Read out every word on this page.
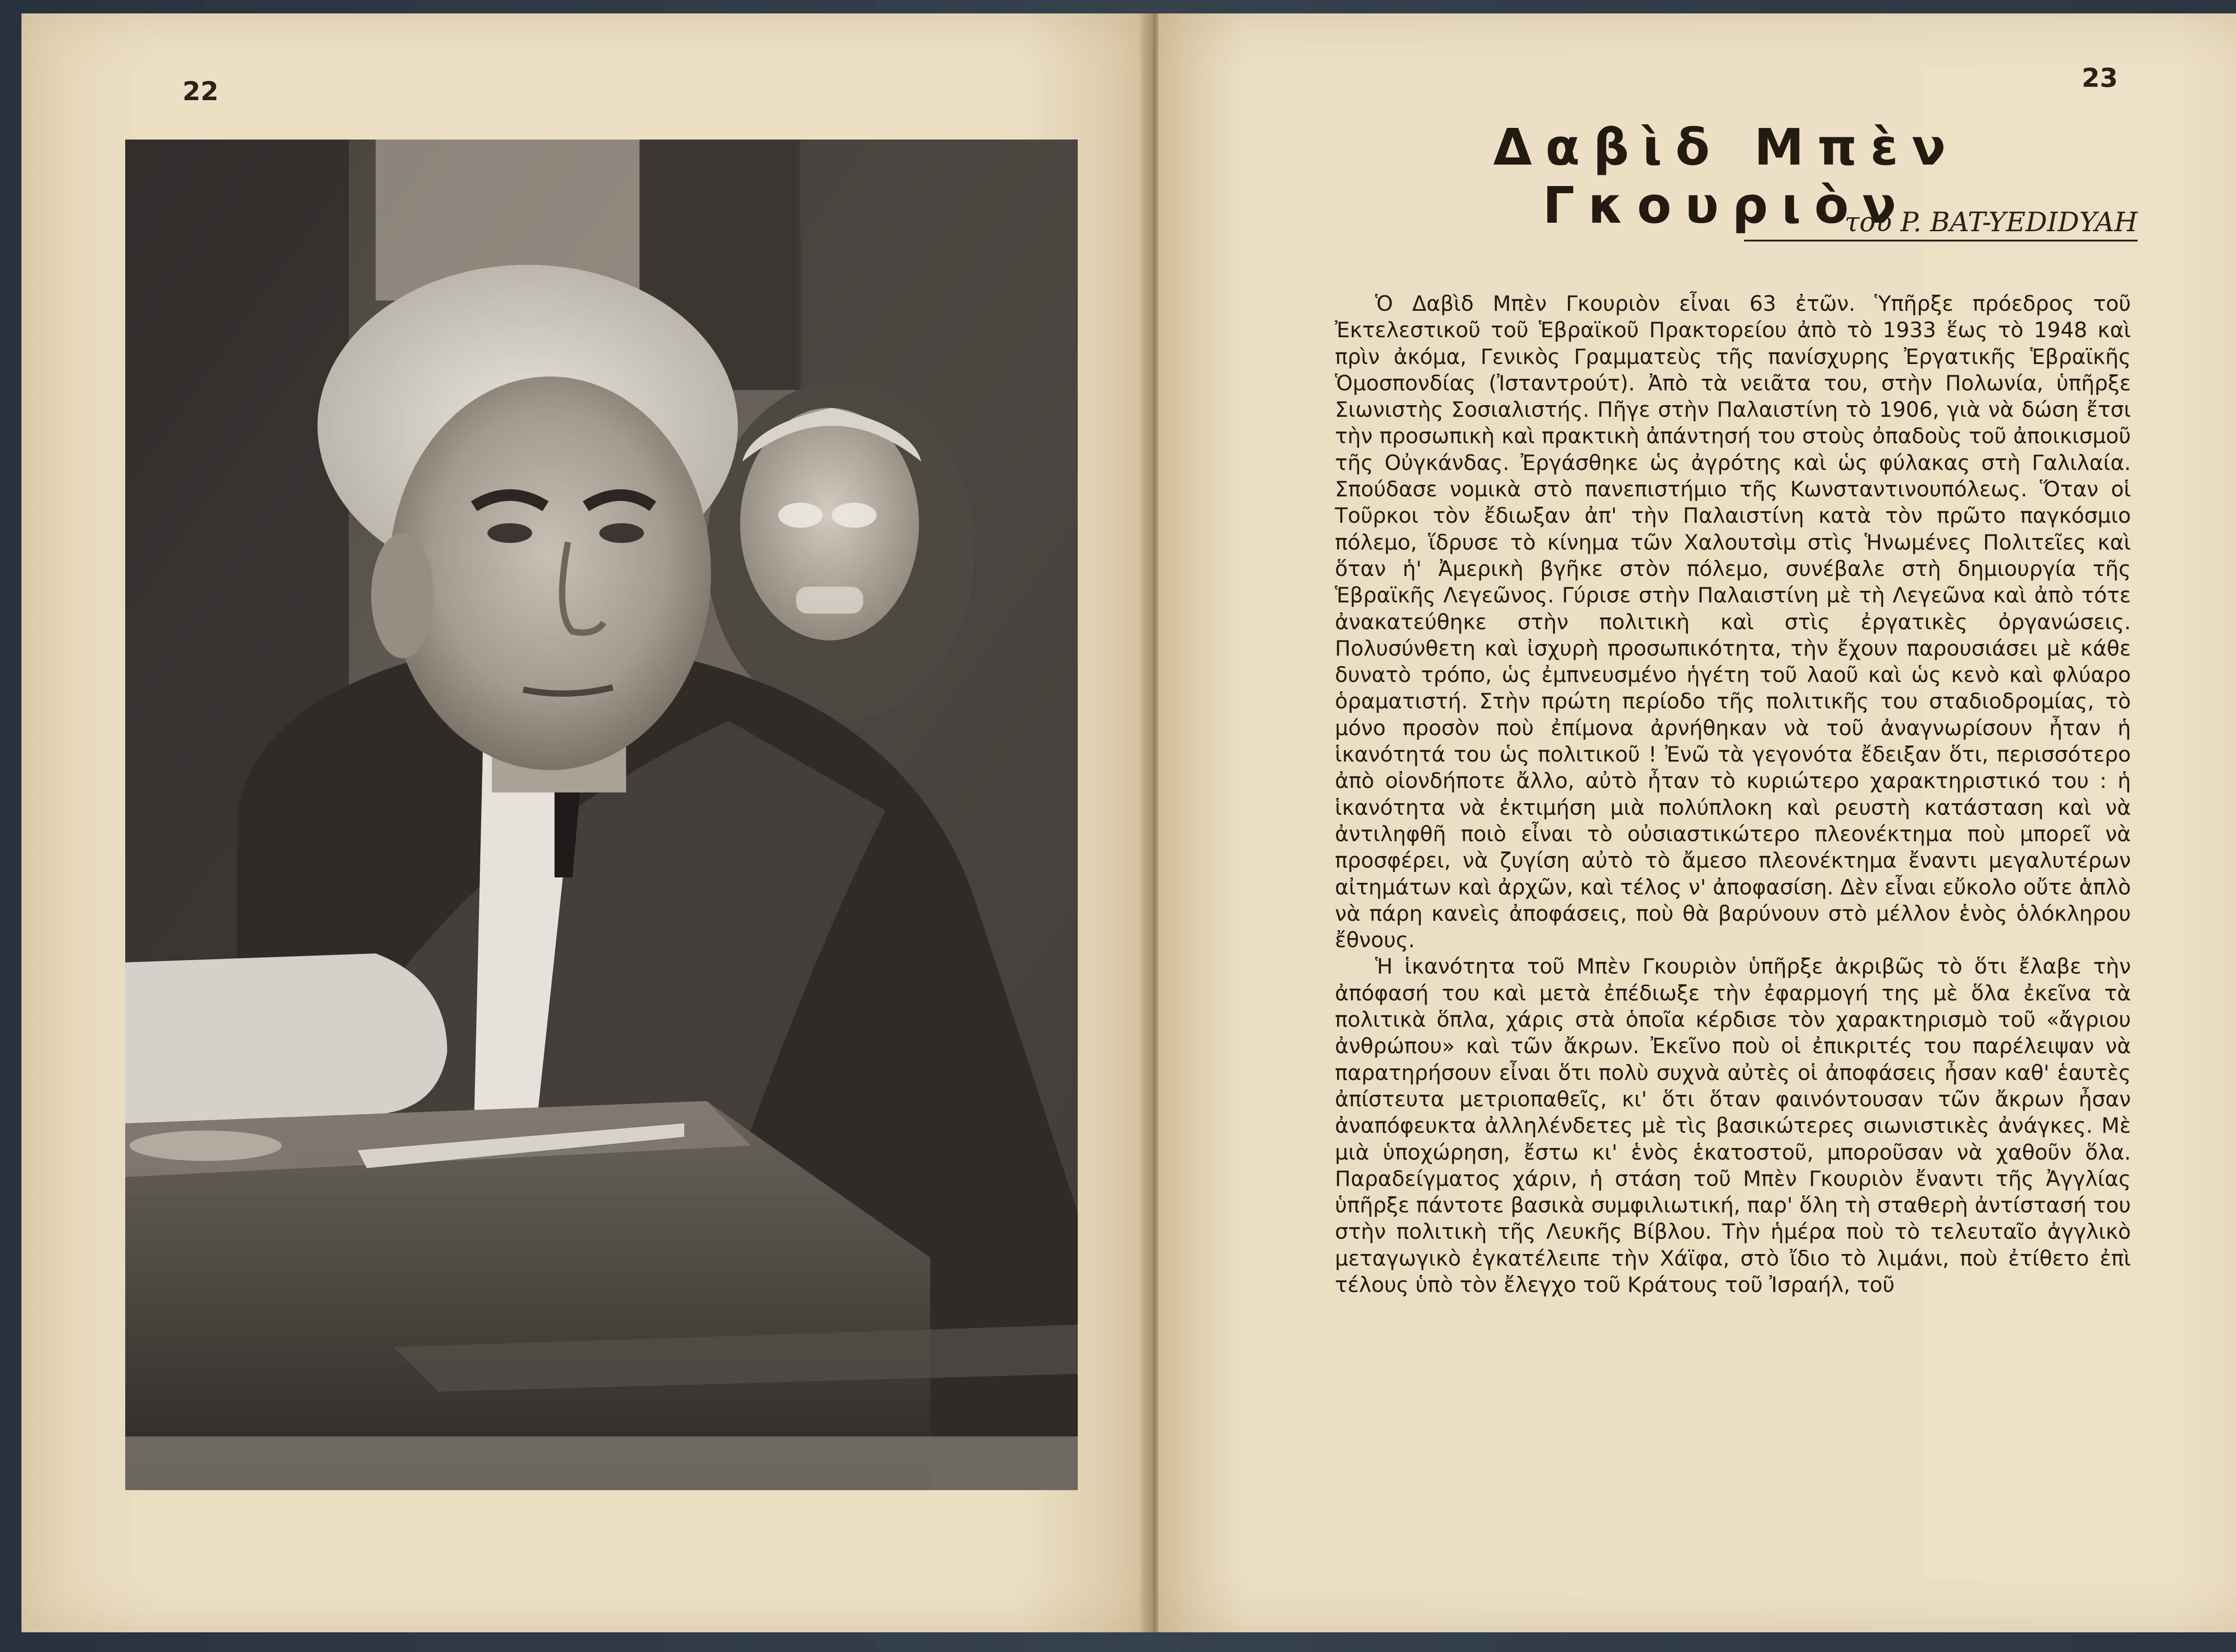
22	23
Δαβὶδ Μπὲν Γκουριὸν
τοῦ P. BAT-YEDIDYAH

Ὁ Δαβὶδ Μπὲν Γκουριὸν εἶναι 63 ἐτῶν. Ὑπῆρξε πρόεδρος τοῦ Ἐκτελεστικοῦ τοῦ Ἑβραϊκοῦ Πρακτορείου ἀπὸ τὸ 1933 ἕως τὸ 1948 καὶ πρὶν ἀκόμα, Γενικὸς Γραμματεὺς τῆς πανίσχυρης Ἐργατικῆς Ἑβραϊκῆς Ὁμοσπονδίας (Ἰσταντρούτ). Ἀπὸ τὰ νειᾶτα του, στὴν Πολωνία, ὑπῆρξε Σιωνιστὴς Σοσιαλιστής. Πῆγε στὴν Παλαιστίνη τὸ 1906, γιὰ νὰ δώση ἔτσι τὴν προσωπικὴ καὶ πρακτικὴ ἀπάντησή του στοὺς ὀπαδοὺς τοῦ ἀποικισμοῦ τῆς Οὐγκάνδας. Ἐργάσθηκε ὡς ἀγρότης καὶ ὡς φύλακας στὴ Γαλιλαία. Σπούδασε νομικὰ στὸ πανεπιστήμιο τῆς Κωνσταντινουπόλεως. Ὅταν οἱ Τοῦρκοι τὸν ἔδιωξαν ἀπ' τὴν Παλαιστίνη κατὰ τὸν πρῶτο παγκόσμιο πόλεμο, ἵδρυσε τὸ κίνημα τῶν Χαλουτσὶμ στὶς Ἡνωμένες Πολιτεῖες καὶ ὅταν ἡ' Ἀμερικὴ βγῆκε στὸν πόλεμο, συνέβαλε στὴ δημιουργία τῆς Ἑβραϊκῆς Λεγεῶνος. Γύρισε στὴν Παλαιστίνη μὲ τὴ Λεγεῶνα καὶ ἀπὸ τότε ἀνακατεύθηκε στὴν πολιτικὴ καὶ στὶς ἐργατικὲς ὀργανώσεις. Πολυσύνθετη καὶ ἰσχυρὴ προσωπικότητα, τὴν ἔχουν παρουσιάσει μὲ κάθε δυνατὸ τρόπο, ὡς ἐμπνευσμένο ἡγέτη τοῦ λαοῦ καὶ ὡς κενὸ καὶ φλύαρο ὁραματιστή. Στὴν πρώτη περίοδο τῆς πολιτικῆς του σταδιοδρομίας, τὸ μόνο προσὸν ποὺ ἐπίμονα ἀρνήθηκαν νὰ τοῦ ἀναγνωρίσουν ἦταν ἡ ἱκανότητά του ὡς πολιτικοῦ ! Ἐνῶ τὰ γεγονότα ἔδειξαν ὅτι, περισσότερο ἀπὸ οἰονδήποτε ἄλλο, αὐτὸ ἦταν τὸ κυριώτερο χαρακτηριστικό του : ἡ ἱκανότητα νὰ ἐκτιμήση μιὰ πολύπλοκη καὶ ρευστὴ κατάσταση καὶ νὰ ἀντιληφθῆ ποιὸ εἶναι τὸ οὐσιαστικώτερο πλεονέκτημα ποὺ μπορεῖ νὰ προσφέρει, νὰ ζυγίση αὐτὸ τὸ ἄμεσο πλεονέκτημα ἔναντι μεγαλυτέρων αἰτημάτων καὶ ἀρχῶν, καὶ τέλος ν' ἀποφασίση. Δὲν εἶναι εὔκολο οὔτε ἁπλὸ νὰ πάρη κανεὶς ἀποφάσεις, ποὺ θὰ βαρύνουν στὸ μέλλον ἑνὸς ὁλόκληρου ἔθνους.

Ἡ ἱκανότητα τοῦ Μπὲν Γκουριὸν ὑπῆρξε ἀκριβῶς τὸ ὅτι ἔλαβε τὴν ἀπόφασή του καὶ μετὰ ἐπέδιωξε τὴν ἐφαρμογή της μὲ ὅλα ἐκεῖνα τὰ πολιτικὰ ὅπλα, χάρις στὰ ὁποῖα κέρδισε τὸν χαρακτηρισμὸ τοῦ «ἄγριου ἀνθρώπου» καὶ τῶν ἄκρων. Ἐκεῖνο ποὺ οἱ ἐπικριτές του παρέλειψαν νὰ παρατηρήσουν εἶναι ὅτι πολὺ συχνὰ αὐτὲς οἱ ἀποφάσεις ἦσαν καθ' ἑαυτὲς ἀπίστευτα μετριοπαθεῖς, κι' ὅτι ὅταν φαινόντουσαν τῶν ἄκρων ἦσαν ἀναπόφευκτα ἀλληλένδετες μὲ τὶς βασικώτερες σιωνιστικὲς ἀνάγκες. Μὲ μιὰ ὑποχώρηση, ἔστω κι' ἑνὸς ἑκατοστοῦ, μποροῦσαν νὰ χαθοῦν ὅλα. Παραδείγματος χάριν, ἡ στάση τοῦ Μπὲν Γκουριὸν ἔναντι τῆς Ἀγγλίας ὑπῆρξε πάντοτε βασικὰ συμφιλιωτική, παρ' ὅλη τὴ σταθερὴ ἀντίστασή του στὴν πολιτικὴ τῆς Λευκῆς Βίβλου. Τὴν ἡμέρα ποὺ τὸ τελευταῖο ἀγγλικὸ μεταγωγικὸ ἐγκατέλειπε τὴν Χάϊφα, στὸ ἴδιο τὸ λιμάνι, ποὺ ἐτίθετο ἐπὶ τέλους ὑπὸ τὸν ἔλεγχο τοῦ Κράτους τοῦ Ἰσραήλ, τοῦ
